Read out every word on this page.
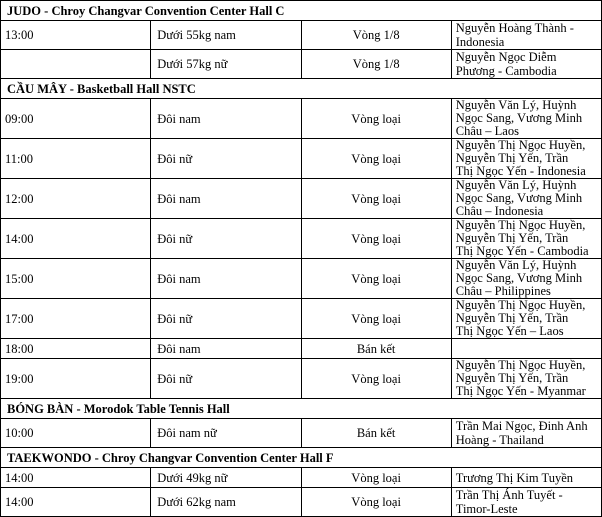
JUDO - Chroy Changvar Convention Center Hall C			
13:00	Dưới 55kg nam	Vòng 1/8	Nguyễn Hoàng Thành - Indonesia
	Dưới 57kg nữ	Vòng 1/8	Nguyễn Ngọc Diễm Phương - Cambodia
CẦU MÂY - Basketball Hall NSTC			
09:00	Đôi nam	Vòng loại	Nguyễn Văn Lý, Huỳnh Ngọc Sang, Vương Minh
Châu – Laos
11:00	Đôi nữ	Vòng loại	Nguyễn Thị Ngọc Huyền, Nguyễn Thị Yến, Trần
Thị Ngọc Yến - Indonesia
12:00	Đôi nam	Vòng loại	Nguyễn Văn Lý, Huỳnh Ngọc Sang, Vương Minh
Châu – Indonesia
14:00	Đôi nữ	Vòng loại	Nguyễn Thị Ngọc Huyền, Nguyễn Thị Yến, Trần
Thị Ngọc Yến - Cambodia
15:00	Đôi nam	Vòng loại	Nguyễn Văn Lý, Huỳnh Ngọc Sang, Vương Minh
Châu – Philippines
17:00	Đôi nữ	Vòng loại	Nguyễn Thị Ngọc Huyền, Nguyễn Thị Yến, Trần
Thị Ngọc Yến – Laos
18:00	Đôi nam	Bán kết	
19:00	Đôi nữ	Vòng loại	Nguyễn Thị Ngọc Huyền, Nguyễn Thị Yến, Trần
Thị Ngọc Yến - Myanmar
BÓNG BÀN - Morodok Table Tennis Hall			
10:00	Đôi nam nữ	Bán kết	Trần Mai Ngọc, Đinh Anh Hoàng - Thailand
TAEKWONDO - Chroy Changvar Convention Center Hall F			
14:00	Dưới 49kg nữ	Vòng loại	Trương Thị Kim Tuyền
14:00	Dưới 62kg nam	Vòng loại	Trần Thị Ánh Tuyết - Timor-Leste
